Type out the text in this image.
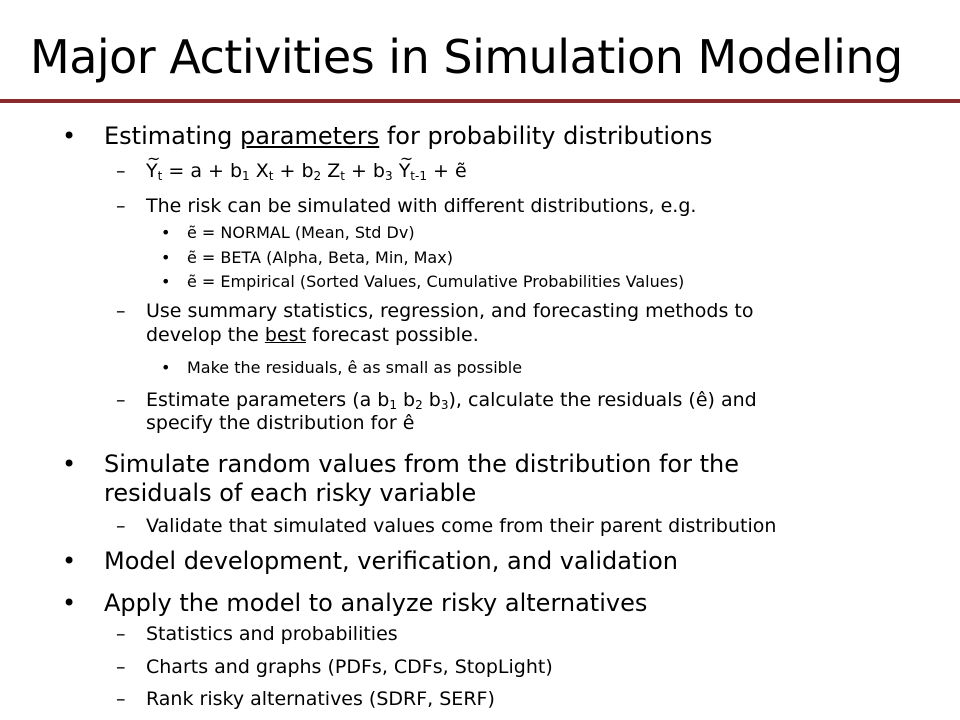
Major Activities in Simulation Modeling
• Estimating parameters for probability distributions
– Y $\sim_t = a + b_1$ $X_t + b_2$ $Z_t + b_3$ Y $\sim_{t-1}$ + ẽ
– The risk can be simulated with different distributions, e.g.
• ẽ = NORMAL (Mean, Std Dv)
• ẽ = BETA (Alpha, Beta, Min, Max)
• ẽ = Empirical (Sorted Values, Cumulative Probabilities Values)
– Use summary statistics, regression, and forecasting methods to
develop the best forecast possible.
• Make the residuals, ê as small as possible
– Estimate parameters (a $b_1$ $b_2$ $b_3$), calculate the residuals (ê) and
specify the distribution for ê
• Simulate random values from the distribution for the
residuals of each risky variable
– Validate that simulated values come from their parent distribution
• Model development, verification, and validation
• Apply the model to analyze risky alternatives
– Statistics and probabilities
– Charts and graphs (PDFs, CDFs, StopLight)
– Rank risky alternatives (SDRF, SERF)
